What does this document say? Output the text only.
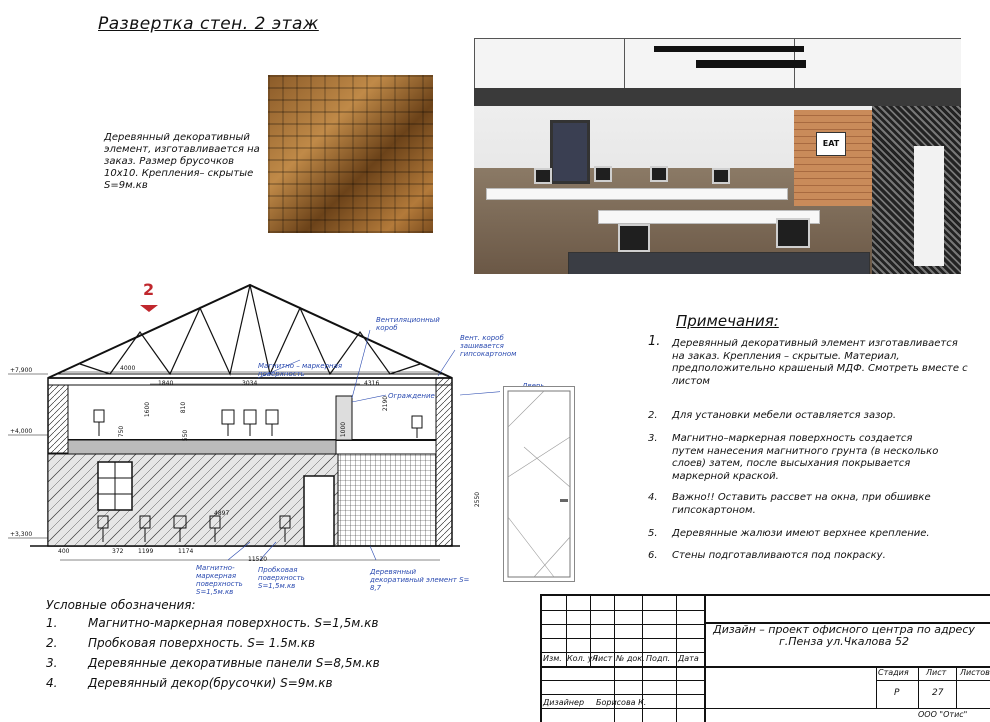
Развертка стен. 2 этаж
Деревянный декоративный элемент, изготавливается на заказ. Размер брусочков 10х10. Крепления– скрытые S=9м.кв
EAT
2
+7,900
+4,000
+3,300
4000
1840	3034	4316
1600	810
750	550	1000
2190
2550
400	372 1199	1174
4897
11520
Вентиляционный короб
Вент. короб зашивается гипсокартоном
Магнитно – маркерная поверхность
Ограждение
Дверь
Магнитно-маркерная поверхность S=1,5м.кв
Пробковая поверхность S=1,5м.кв
Деревянный декоративный элемент S= 8,7
Примечания:
1. Деревянный декоративный элемент изготавливается на заказ. Крепления – скрытые. Материал, предположительно крашеный МДФ. Смотреть вместе с листом
2. Для установки мебели оставляется зазор.
3. Магнитно–маркерная поверхность создается путем нанесения магнитного грунта (в несколько слоев) затем, после высыхания покрывается маркерной краской.
4. Важно!! Оставить рассвет на окна, при обшивке гипсокартоном.
5. Деревянные жалюзи имеют верхнее крепление.
6. Стены подготавливаются под покраску.
Условные обозначения:
1.	Магнитно-маркерная поверхность. S=1,5м.кв
2.	Пробковая поверхность. S= 1.5м.кв
3.	Деревянные декоративные панели S=8,5м.кв
4.	Деревянный декор(брусочки) S=9м.кв
Изм. Кол. уч
Лист № док. Подп. Дата
Дизайнер Борисова К.
Стадия Лист Листов
Р	27
ООО "Отис"
Дизайн – проект офисного центра по адресу г.Пенза ул.Чкалова 52
